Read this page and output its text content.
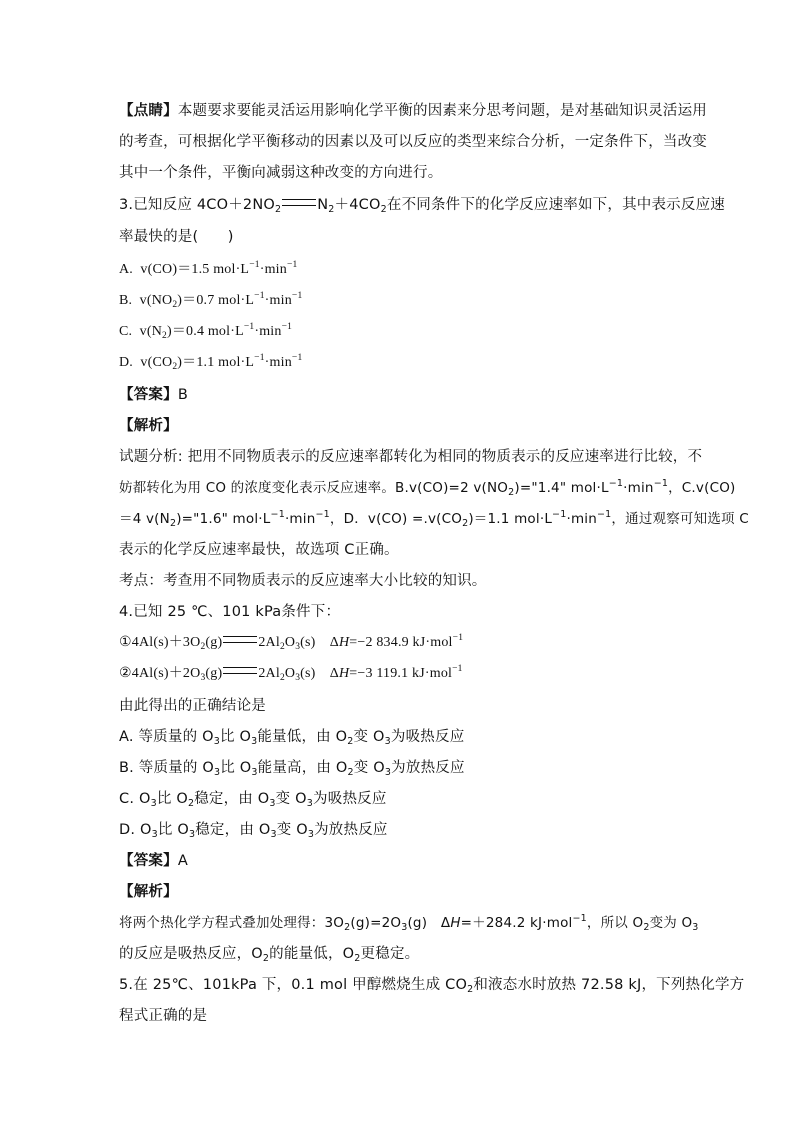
【点睛】本题要求要能灵活运用影响化学平衡的因素来分思考问题，是对基础知识灵活运用
的考查，可根据化学平衡移动的因素以及可以反应的类型来综合分析，一定条件下，当改变
其中一个条件，平衡向减弱这种改变的方向进行。
3.已知反应 $4CO+2NO_2$ $N_2+4CO_2$在不同条件下的化学反应速率如下，其中表示反应速
率最快的是(　　)
A. v(CO)＝1.5 $mol\cdot L^{-1}\cdot\min^{-1}$
B. $v(NO_2)=0.7$ $mol\cdot L^{-1}\cdot\min^{-1}$
C. $v(N_2)=0.4$ $mol\cdot L^{-1}\cdot\min^{-1}$
D. $v(CO_2)=1.1$ $mol\cdot L^{-1}\cdot\min^{-1}$
【答案】B
【解析】
试题分析: 把用不同物质表示的反应速率都转化为相同的物质表示的反应速率进行比较，不
妨都转化为用 CO 的浓度变化表示反应速率。B.v(CO)=2 $v(NO_2)="1.4$" $mol\cdot L^{-1}\cdot\min^{-1}$，C.v(CO)
＝4 $v(N_2)="1.6$" $mol\cdot L^{-1}\cdot\min^{-1}$，D．$v(CO) =.v(CO_2)=1.1$ $mol\cdot L^{-1}\cdot\min^{-1}$，通过观察可知选项 C
表示的化学反应速率最快，故选项 C正确。
考点：考查用不同物质表示的反应速率大小比较的知识。
4.已知 25 ℃、101 kPa条件下：
$①4Al(s)+3O_2(g)$	$2Al_2O_3(s)$　ΔH=−2 834.9 kJ·mol$^{-1}$
$②4Al(s)+2O_3(g)$	$2Al_2O_3(s)$　ΔH=−3 119.1 kJ·mol$^{-1}$
由此得出的正确结论是
A. 等质量的 $O_3$比 $O_3$能量低，由 $O_2$变 $O_3$为吸热反应
B. 等质量的 $O_3$比 $O_3$能量高，由 $O_2$变 $O_3$为放热反应
C. $O_3$比 $O_2$稳定，由 $O_3$变 $O_3$为吸热反应
D. $O_3$比 $O_3$稳定，由 $O_3$变 $O_3$为放热反应
【答案】A
【解析】
将两个热化学方程式叠加处理得：$3O_2(g)=2O_3(g)$　ΔH=＋284.2 kJ·mol$^{-1}$，所以 $O_2$变为 $O_3$
的反应是吸热反应，$O_2$的能量低，$O_2$更稳定。
5.在 25℃、101kPa 下，0.1 mol 甲醇燃烧生成 $CO_2$和液态水时放热 72.58 kJ，下列热化学方
程式正确的是
